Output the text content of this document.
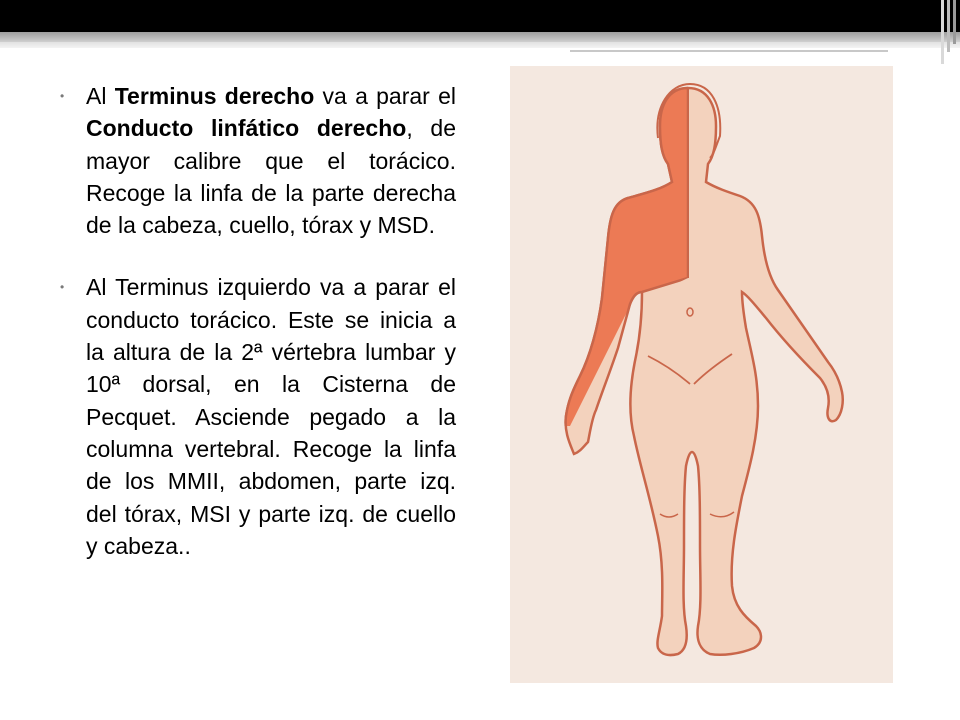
• Al Terminus derecho va a parar el Conducto linfático derecho, de mayor calibre que el torácico. Recoge la linfa de la parte derecha de la cabeza, cuello, tórax y MSD.

• Al Terminus izquierdo va a parar el conducto torácico. Este se inicia a la altura de la 2ª vértebra lumbar y 10ª dorsal, en la Cisterna de Pecquet. Asciende pegado a la columna vertebral. Recoge la linfa de los MMII, abdomen, parte izq. del tórax, MSI y parte izq. de cuello y cabeza..
